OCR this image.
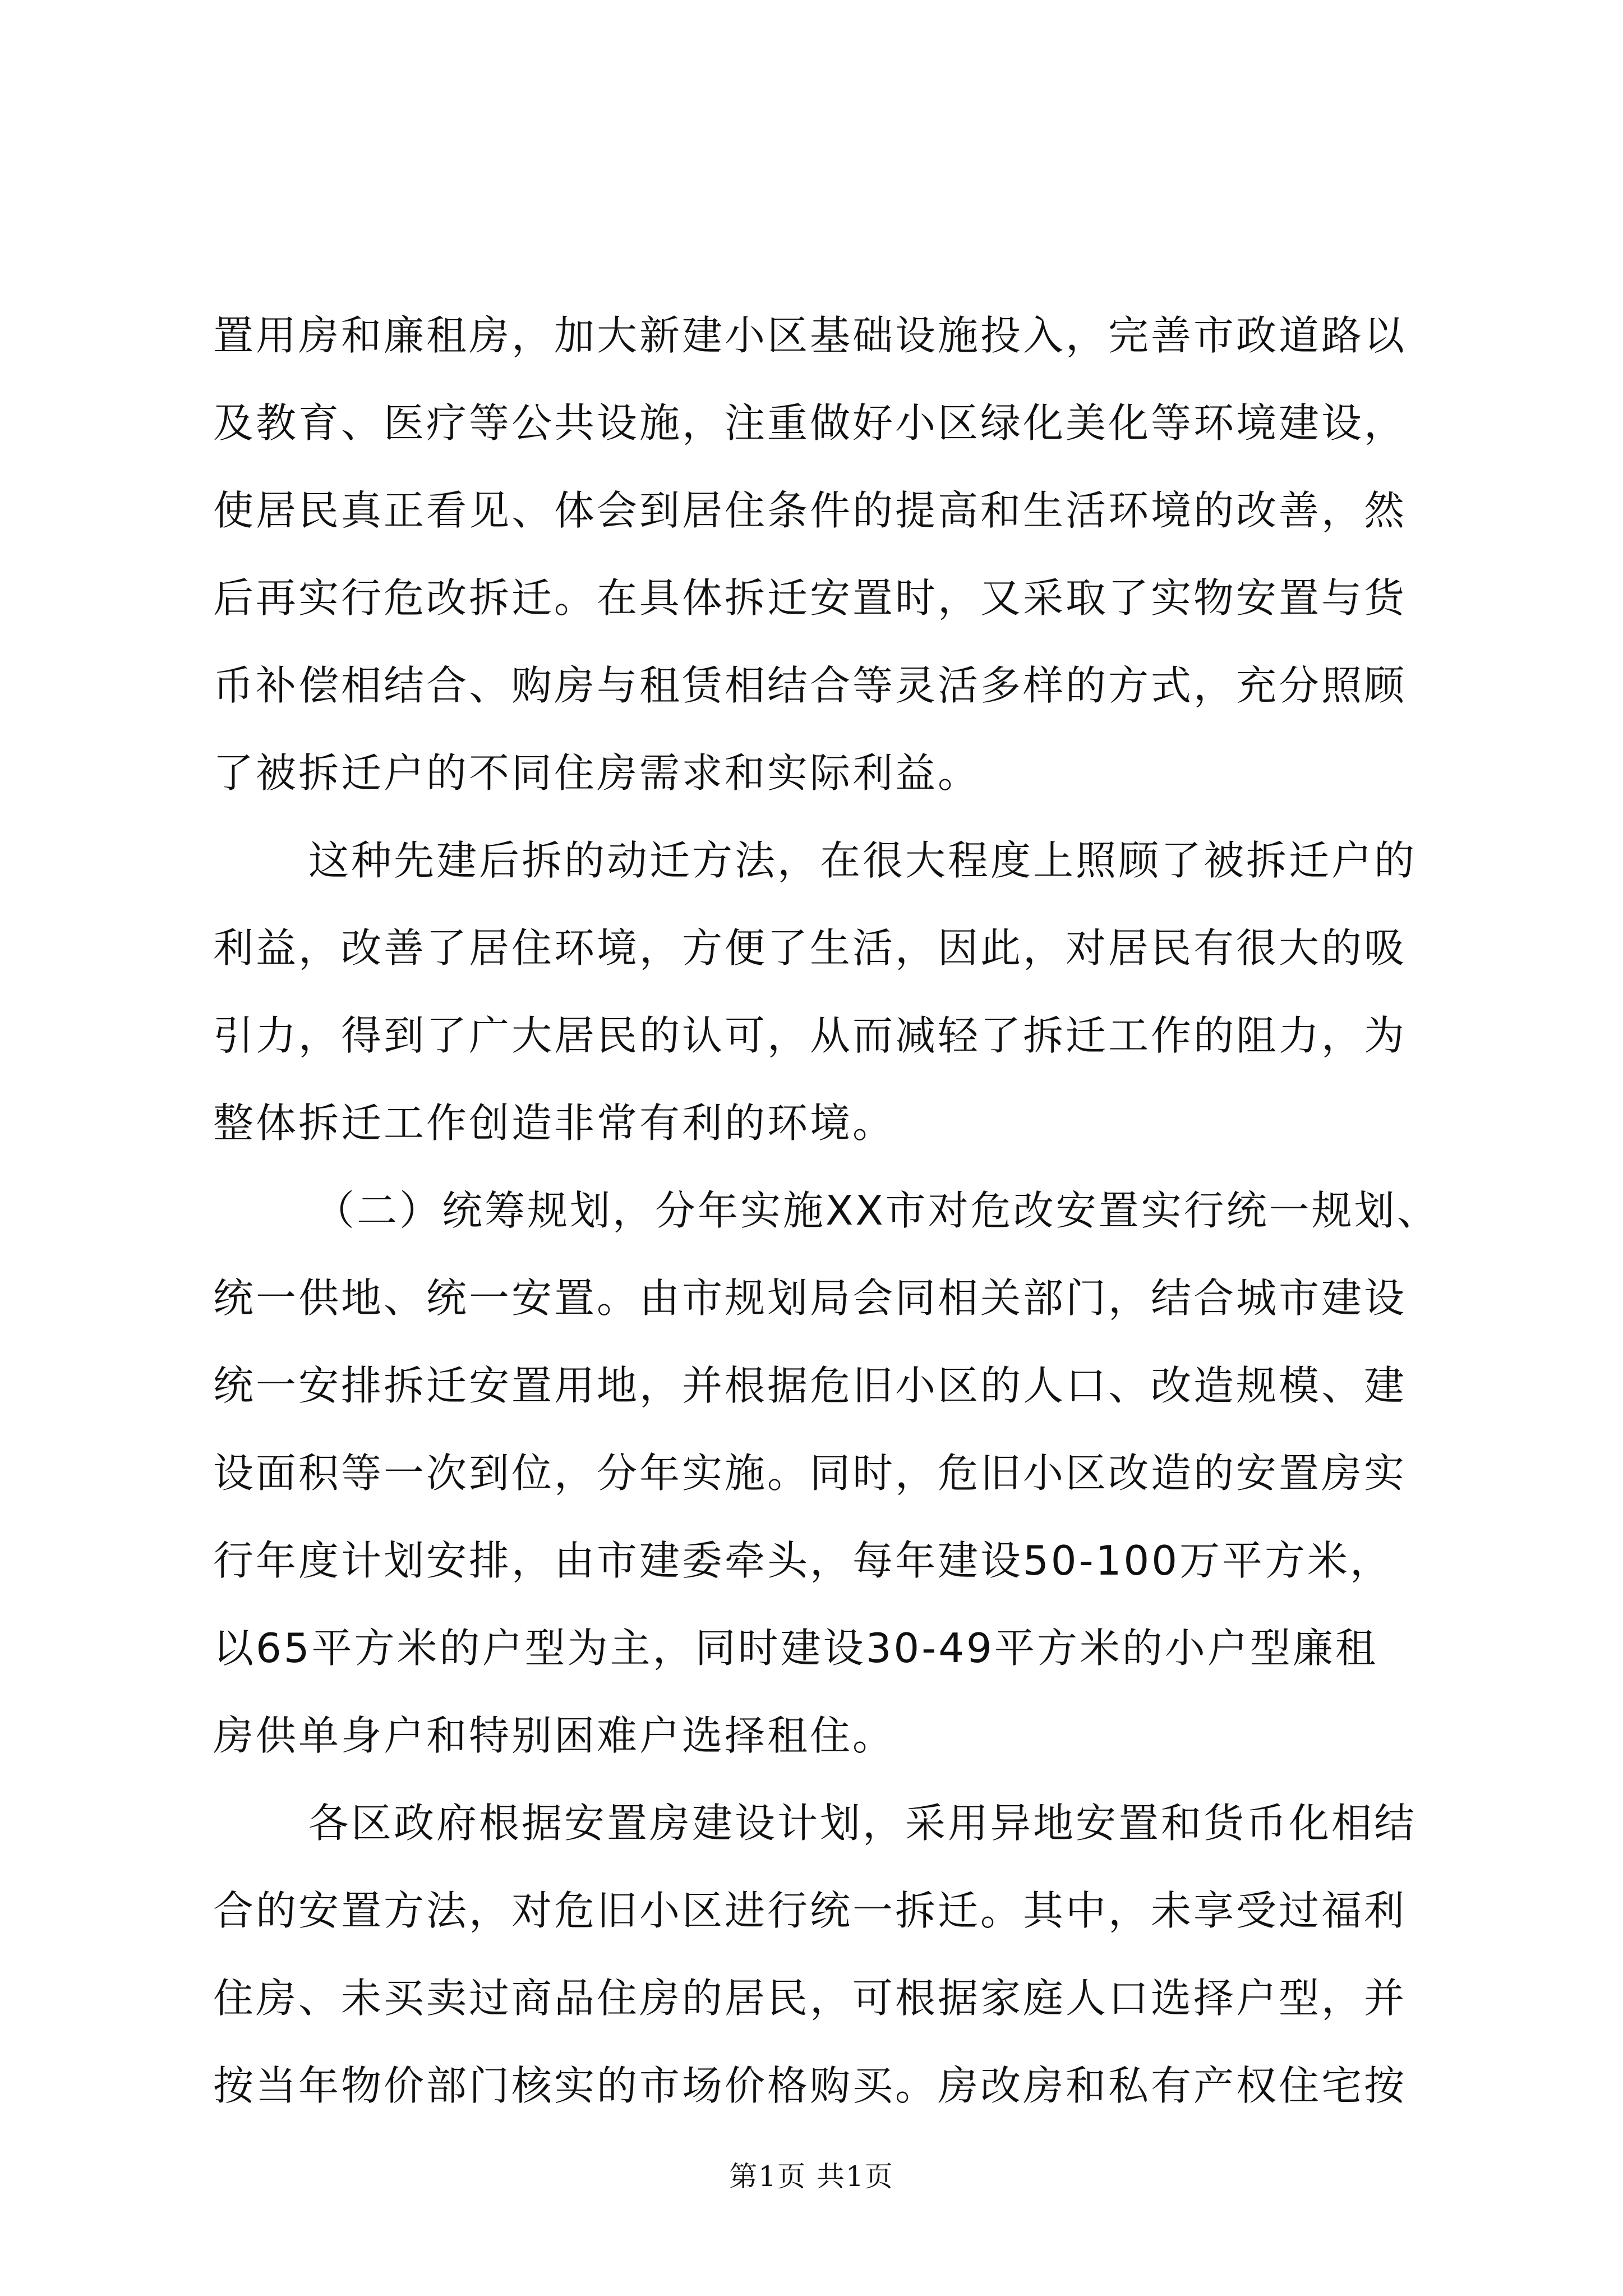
置用房和廉租房，加大新建小区基础设施投入，完善市政道路以
及教育、医疗等公共设施，注重做好小区绿化美化等环境建设，
使居民真正看见、体会到居住条件的提高和生活环境的改善，然
后再实行危改拆迁。在具体拆迁安置时，又采取了实物安置与货
币补偿相结合、购房与租赁相结合等灵活多样的方式，充分照顾
了被拆迁户的不同住房需求和实际利益。
这种先建后拆的动迁方法，在很大程度上照顾了被拆迁户的
利益，改善了居住环境，方便了生活，因此，对居民有很大的吸
引力，得到了广大居民的认可，从而减轻了拆迁工作的阻力，为
整体拆迁工作创造非常有利的环境。
（二）统筹规划，分年实施XX市对危改安置实行统一规划、
统一供地、统一安置。由市规划局会同相关部门，结合城市建设
统一安排拆迁安置用地，并根据危旧小区的人口、改造规模、建
设面积等一次到位，分年实施。同时，危旧小区改造的安置房实
行年度计划安排，由市建委牵头，每年建设50-100万平方米，
以65平方米的户型为主，同时建设30-49平方米的小户型廉租
房供单身户和特别困难户选择租住。
各区政府根据安置房建设计划，采用异地安置和货币化相结
合的安置方法，对危旧小区进行统一拆迁。其中，未享受过福利
住房、未买卖过商品住房的居民，可根据家庭人口选择户型，并
按当年物价部门核实的市场价格购买。房改房和私有产权住宅按
第1页 共1页
